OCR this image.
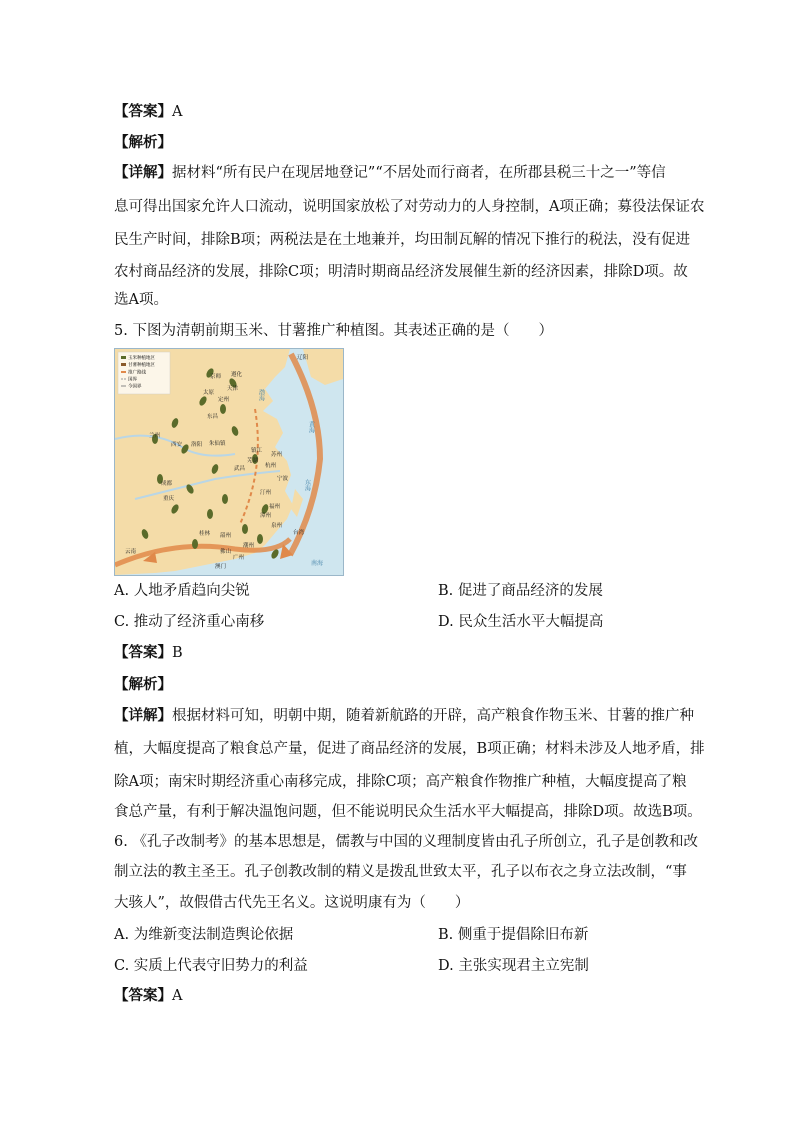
【答案】A
【解析】
【详解】据材料“所有民户在现居地登记”“不居处而行商者，在所郡县税三十之一”等信
息可得出国家允许人口流动，说明国家放松了对劳动力的人身控制，A项正确；募役法保证农
民生产时间，排除B项；两税法是在土地兼并，均田制瓦解的情况下推行的税法，没有促进
农村商品经济的发展，排除C项；明清时期商品经济发展催生新的经济因素，排除D项。故
选A项。
5. 下图为清朝前期玉米、甘薯推广种植图。其表述正确的是（　　）
玉米种植地区
甘薯种植地区
推广路线
国界
今国界
辽阳
京师 遵化
天津
太原
定州
东昌
兰州
西安 洛阳 朱仙镇
镇江
苏州
芜湖
杭州
武昌
成都
重庆
宁波
汀州
福州
漳州
泉州
台湾
桂林 韶州
潮州
广州
佛山
云南
澳门
渤海
黄海
东海
南海
A. 人地矛盾趋向尖锐	B. 促进了商品经济的发展
C. 推动了经济重心南移	D. 民众生活水平大幅提高
【答案】B
【解析】
【详解】根据材料可知，明朝中期，随着新航路的开辟，高产粮食作物玉米、甘薯的推广种
植，大幅度提高了粮食总产量，促进了商品经济的发展，B项正确；材料未涉及人地矛盾，排
除A项；南宋时期经济重心南移完成，排除C项；高产粮食作物推广种植，大幅度提高了粮
食总产量，有利于解决温饱问题，但不能说明民众生活水平大幅提高，排除D项。故选B项。
6. 《孔子改制考》的基本思想是，儒教与中国的义理制度皆由孔子所创立，孔子是创教和改
制立法的教主圣王。孔子创教改制的精义是拨乱世致太平，孔子以布衣之身立法改制，“事
大骇人”，故假借古代先王名义。这说明康有为（　　）
A. 为维新变法制造舆论依据	B. 侧重于提倡除旧布新
C. 实质上代表守旧势力的利益	D. 主张实现君主立宪制
【答案】A
